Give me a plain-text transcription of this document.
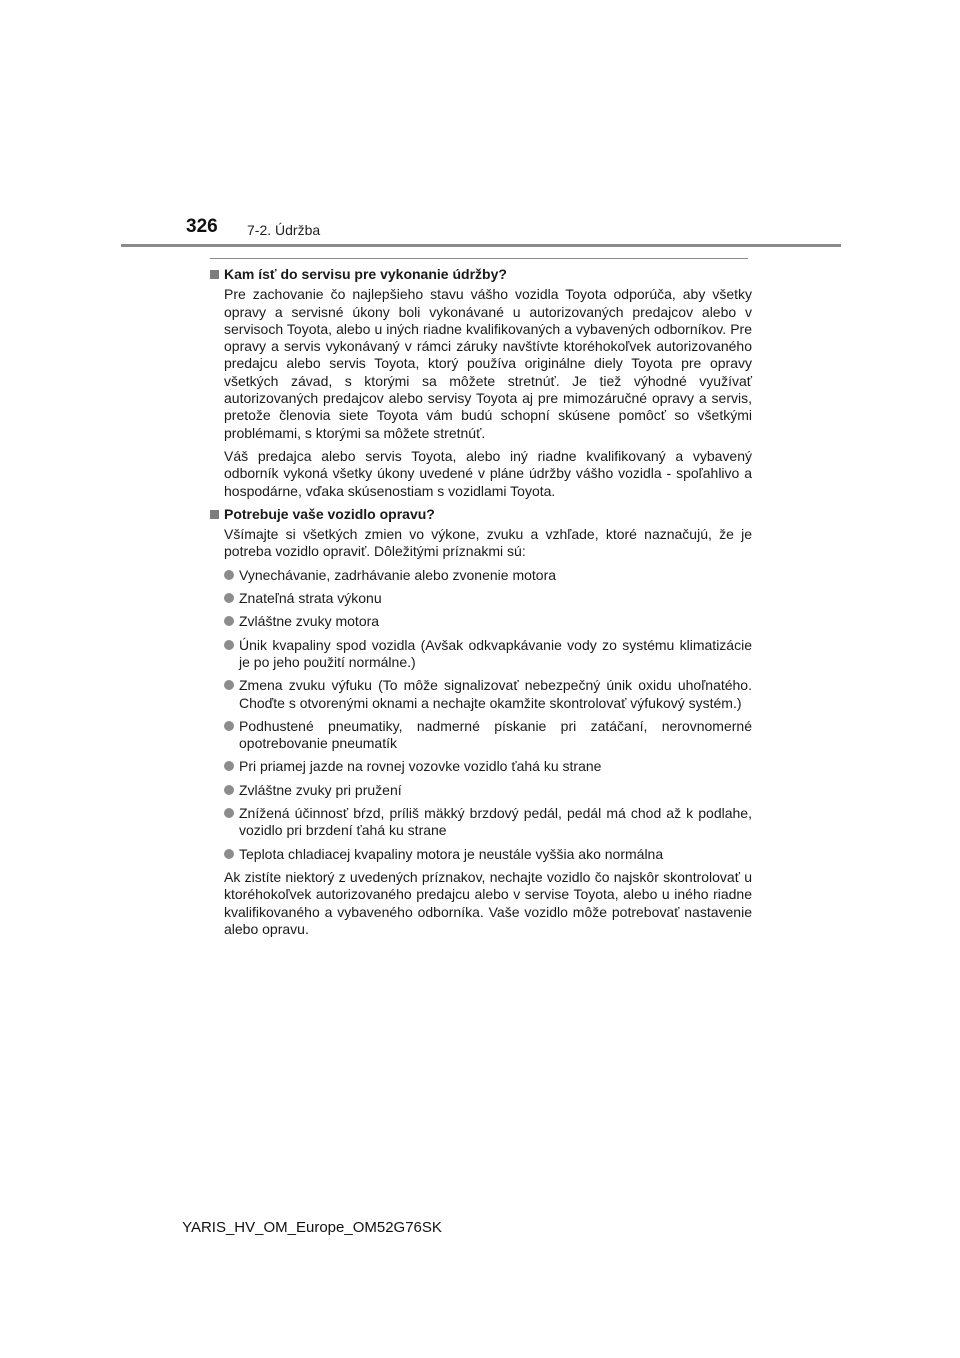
326 7-2. Údržba
Kam ísť do servisu pre vykonanie údržby?

Pre zachovanie čo najlepšieho stavu vášho vozidla Toyota odporúča, aby všetky opravy a servisné úkony boli vykonávané u autorizovaných predajcov alebo v servisoch Toyota, alebo u iných riadne kvalifikovaných a vybavených odborníkov. Pre opravy a servis vykonávaný v rámci záruky navštívte ktoréhokoľvek autorizovaného predajcu alebo servis Toyota, ktorý používa originálne diely Toyota pre opravy všetkých závad, s ktorými sa môžete stretnúť. Je tiež výhodné využívať autorizovaných predajcov alebo servisy Toyota aj pre mimozáručné opravy a servis, pretože členovia siete Toyota vám budú schopní skúsene pomôcť so všetkými problémami, s ktorými sa môžete stretnúť.

Váš predajca alebo servis Toyota, alebo iný riadne kvalifikovaný a vybavený odborník vykoná všetky úkony uvedené v pláne údržby vášho vozidla - spoľahlivo a hospodárne, vďaka skúsenostiam s vozidlami Toyota.

Potrebuje vaše vozidlo opravu?

Všímajte si všetkých zmien vo výkone, zvuku a vzhľade, ktoré naznačujú, že je potreba vozidlo opraviť. Dôležitými príznakmi sú:

Vynechávanie, zadrhávanie alebo zvonenie motora
Znateľná strata výkonu
Zvláštne zvuky motora
Únik kvapaliny spod vozidla (Avšak odkvapkávanie vody zo systému klimatizácie je po jeho použití normálne.)
Zmena zvuku výfuku (To môže signalizovať nebezpečný únik oxidu uhoľnatého. Choďte s otvorenými oknami a nechajte okamžite skontrolovať výfukový systém.)
Podhustené pneumatiky, nadmerné pískanie pri zatáčaní, nerovnomerné opotrebovanie pneumatík
Pri priamej jazde na rovnej vozovke vozidlo ťahá ku strane
Zvláštne zvuky pri pružení
Znížená účinnosť bŕzd, príliš mäkký brzdový pedál, pedál má chod až k podlahe, vozidlo pri brzdení ťahá ku strane
Teplota chladiacej kvapaliny motora je neustále vyššia ako normálna

Ak zistíte niektorý z uvedených príznakov, nechajte vozidlo čo najskôr skontrolovať u ktoréhokoľvek autorizovaného predajcu alebo v servise Toyota, alebo u iného riadne kvalifikovaného a vybaveného odborníka. Vaše vozidlo môže potrebovať nastavenie alebo opravu.

YARIS_HV_OM_Europe_OM52G76SK
